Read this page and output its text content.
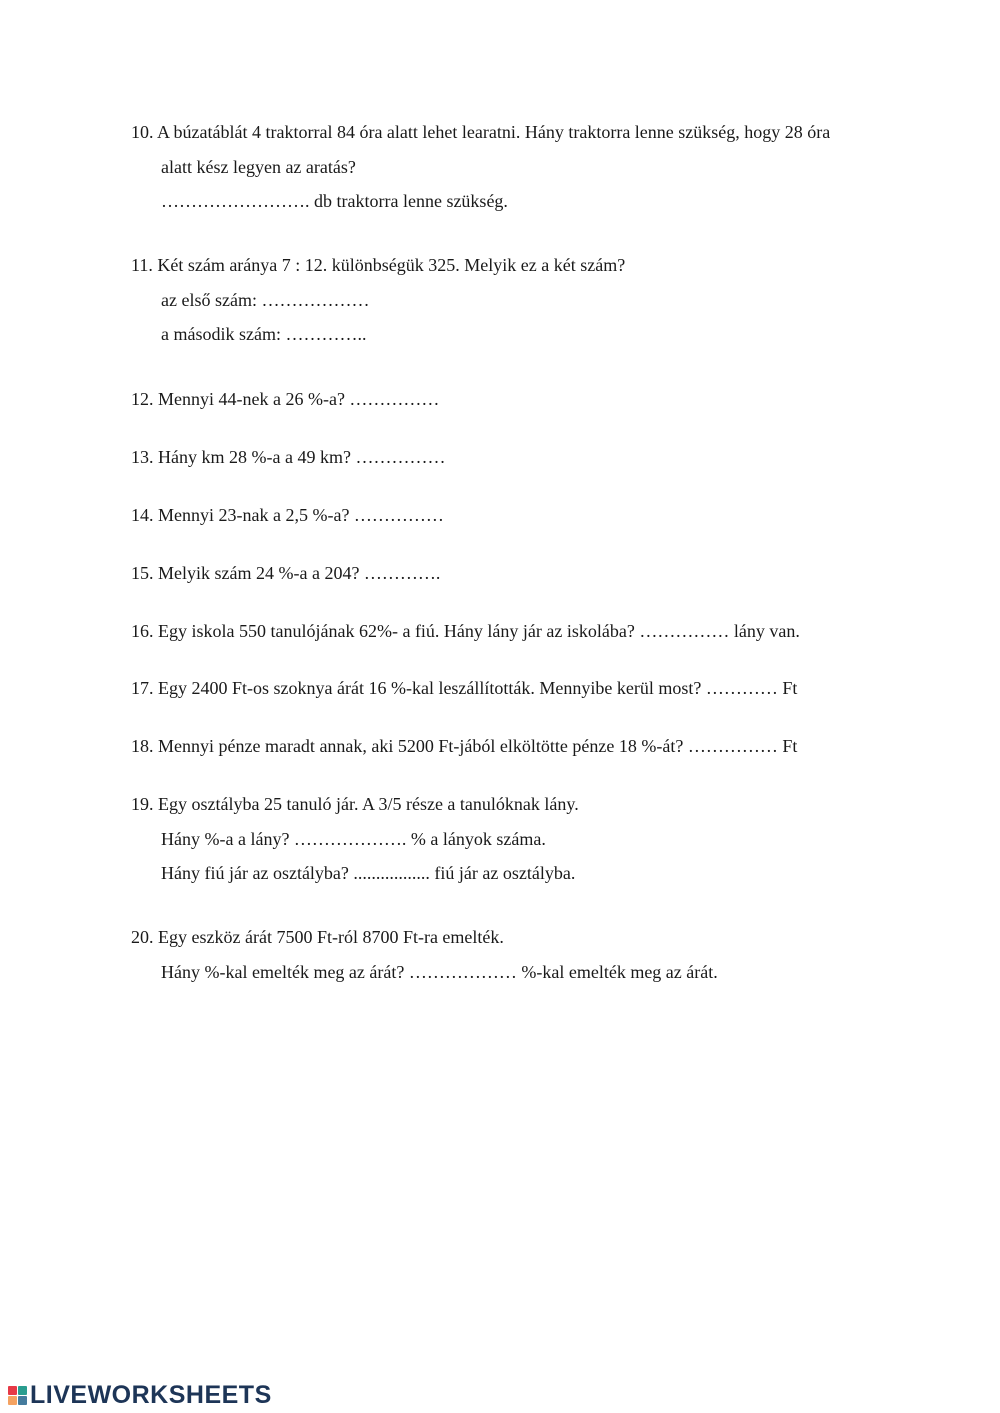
10. A búzatáblát 4 traktorral 84 óra alatt lehet learatni. Hány traktorra lenne szükség, hogy 28 óra
alatt kész legyen az aratás?
……………………. db traktorra lenne szükség.
11. Két szám aránya 7 : 12. különbségük 325. Melyik ez a két szám?
az első szám: ………………
a második szám: …………..
12. Mennyi 44-nek a 26 %-a? ……………
13. Hány km 28 %-a a 49 km? ……………
14. Mennyi 23-nak a 2,5 %-a? ……………
15. Melyik szám 24 %-a a 204? ………….
16. Egy iskola 550 tanulójának 62%- a fiú. Hány lány jár az iskolába? …………… lány van.
17. Egy 2400 Ft-os szoknya árát 16 %-kal leszállították. Mennyibe kerül most? ………… Ft
18. Mennyi pénze maradt annak, aki 5200 Ft-jából elköltötte pénze 18 %-át? …………… Ft
19. Egy osztályba 25 tanuló jár. A 3/5 része a tanulóknak lány.
Hány %-a a lány? ………………. % a lányok száma.
Hány fiú jár az osztályba? ................. fiú jár az osztályba.
20. Egy eszköz árát 7500 Ft-ról 8700 Ft-ra emelték.
Hány %-kal emelték meg az árát? ……………… %-kal emelték meg az árát.
LIVEWORKSHEETS
